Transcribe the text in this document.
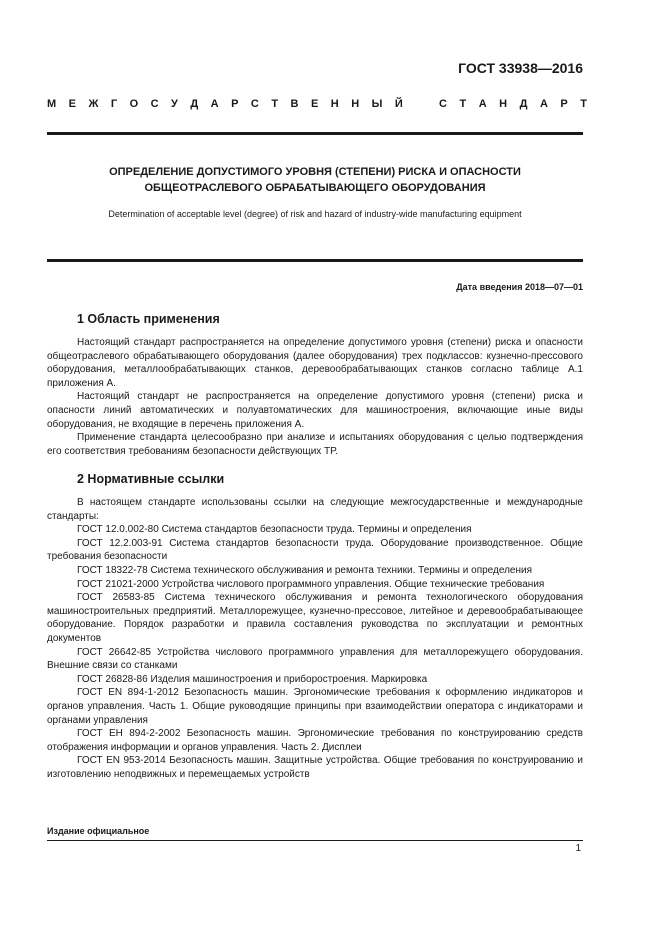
ГОСТ 33938—2016
М Е Ж Г О С У Д А Р С Т В Е Н Н Ы Й	С Т А Н Д А Р Т
ОПРЕДЕЛЕНИЕ ДОПУСТИМОГО УРОВНЯ (СТЕПЕНИ) РИСКА И ОПАСНОСТИ
ОБЩЕОТРАСЛЕВОГО ОБРАБАТЫВАЮЩЕГО ОБОРУДОВАНИЯ
Determination of acceptable level (degree) of risk and hazard of industry-wide manufacturing equipment
Дата введения 2018—07—01
1 Область применения

Настоящий стандарт распространяется на определение допустимого уровня (степени) риска и опасности общеотраслевого обрабатывающего оборудования (далее оборудования) трех подклассов: кузнечно-прессового оборудования, металлообрабатывающих станков, деревообрабатывающих станков согласно таблице А.1 приложения А.

Настоящий стандарт не распространяется на определение допустимого уровня (степени) риска и опасности линий автоматических и полуавтоматических для машиностроения, включающие иные виды оборудования, не входящие в перечень приложения А.

Применение стандарта целесообразно при анализе и испытаниях оборудования с целью подтверждения его соответствия требованиям безопасности действующих ТР.

2 Нормативные ссылки

В настоящем стандарте использованы ссылки на следующие межгосударственные и международные стандарты:

ГОСТ 12.0.002-80 Система стандартов безопасности труда. Термины и определения

ГОСТ 12.2.003-91 Система стандартов безопасности труда. Оборудование производственное. Общие требования безопасности

ГОСТ 18322-78 Система технического обслуживания и ремонта техники. Термины и определения

ГОСТ 21021-2000 Устройства числового программного управления. Общие технические требования

ГОСТ 26583-85 Система технического обслуживания и ремонта технологического оборудования машиностроительных предприятий. Металлорежущее, кузнечно-прессовое, литейное и деревообрабатывающее оборудование. Порядок разработки и правила составления руководства по эксплуатации и ремонтных документов

ГОСТ 26642-85 Устройства числового программного управления для металлорежущего оборудования. Внешние связи со станками

ГОСТ 26828-86 Изделия машиностроения и приборостроения. Маркировка

ГОСТ EN 894-1-2012 Безопасность машин. Эргономические требования к оформлению индикаторов и органов управления. Часть 1. Общие руководящие принципы при взаимодействии оператора с индикаторами и органами управления

ГОСТ ЕН 894-2-2002 Безопасность машин. Эргономические требования по конструированию средств отображения информации и органов управления. Часть 2. Дисплеи

ГОСТ EN 953-2014 Безопасность машин. Защитные устройства. Общие требования по конструированию и изготовлению неподвижных и перемещаемых устройств

Издание официальное
1
